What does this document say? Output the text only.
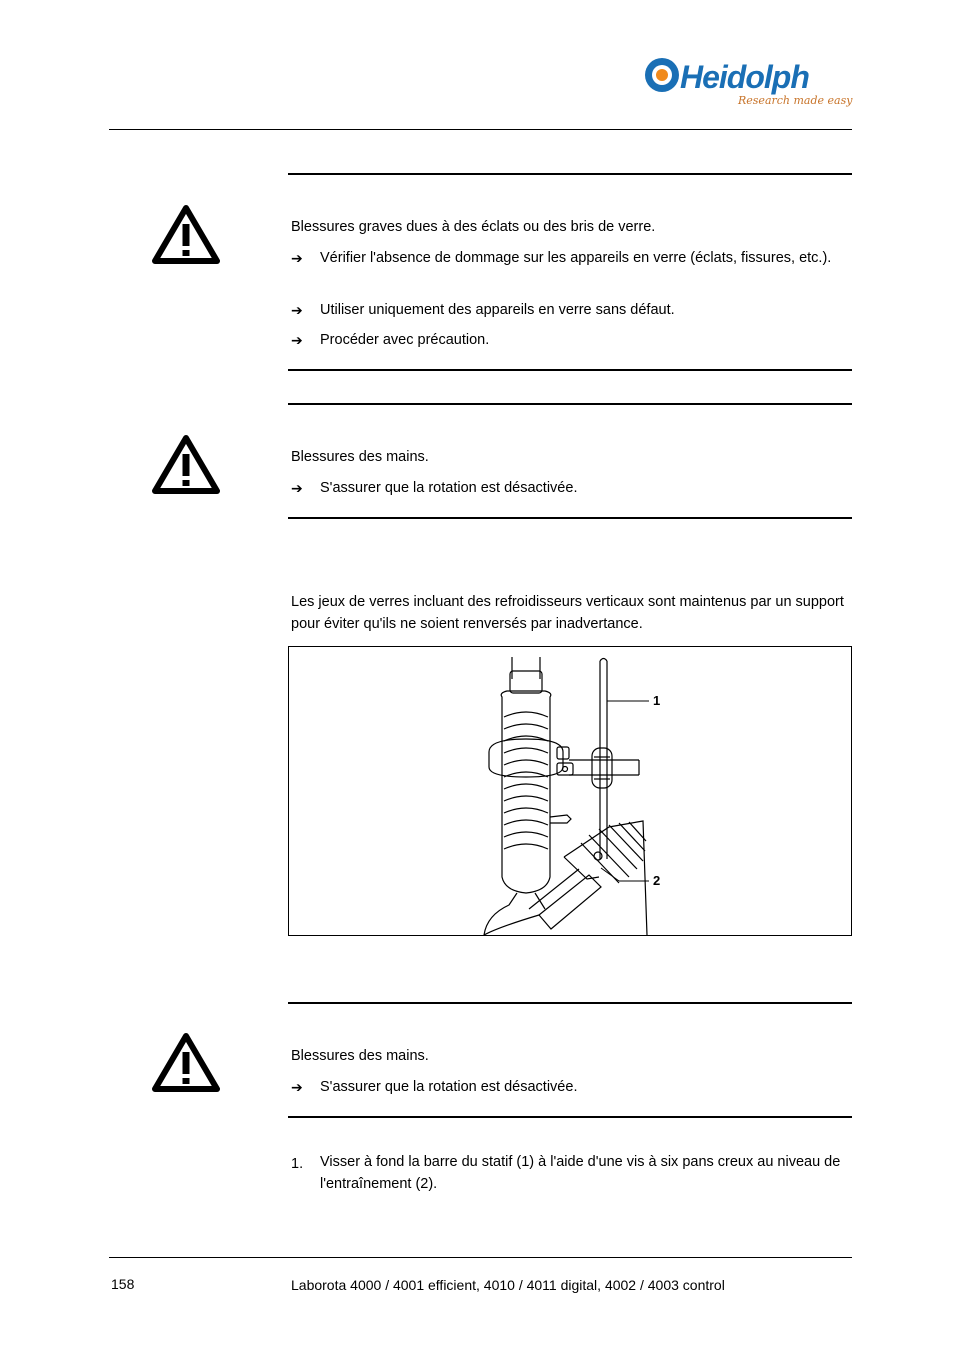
Heidolph
Research made easy
Blessures graves dues à des éclats ou des bris de verre.
➔	Vérifier l'absence de dommage sur les appareils en verre (éclats, fissures, etc.).
➔	Utiliser uniquement des appareils en verre sans défaut.
➔	Procéder avec précaution.
Blessures des mains.
➔	S'assurer que la rotation est désactivée.
Les jeux de verres incluant des refroidisseurs verticaux sont maintenus par un support pour éviter qu'ils ne soient renversés par inadvertance.
1
2
Blessures des mains.
➔	S'assurer que la rotation est désactivée.
1. Visser à fond la barre du statif (1) à l'aide d'une vis à six pans creux au niveau de l'entraînement (2).
158	Laborota 4000 / 4001 efficient, 4010 / 4011 digital, 4002 / 4003 control
